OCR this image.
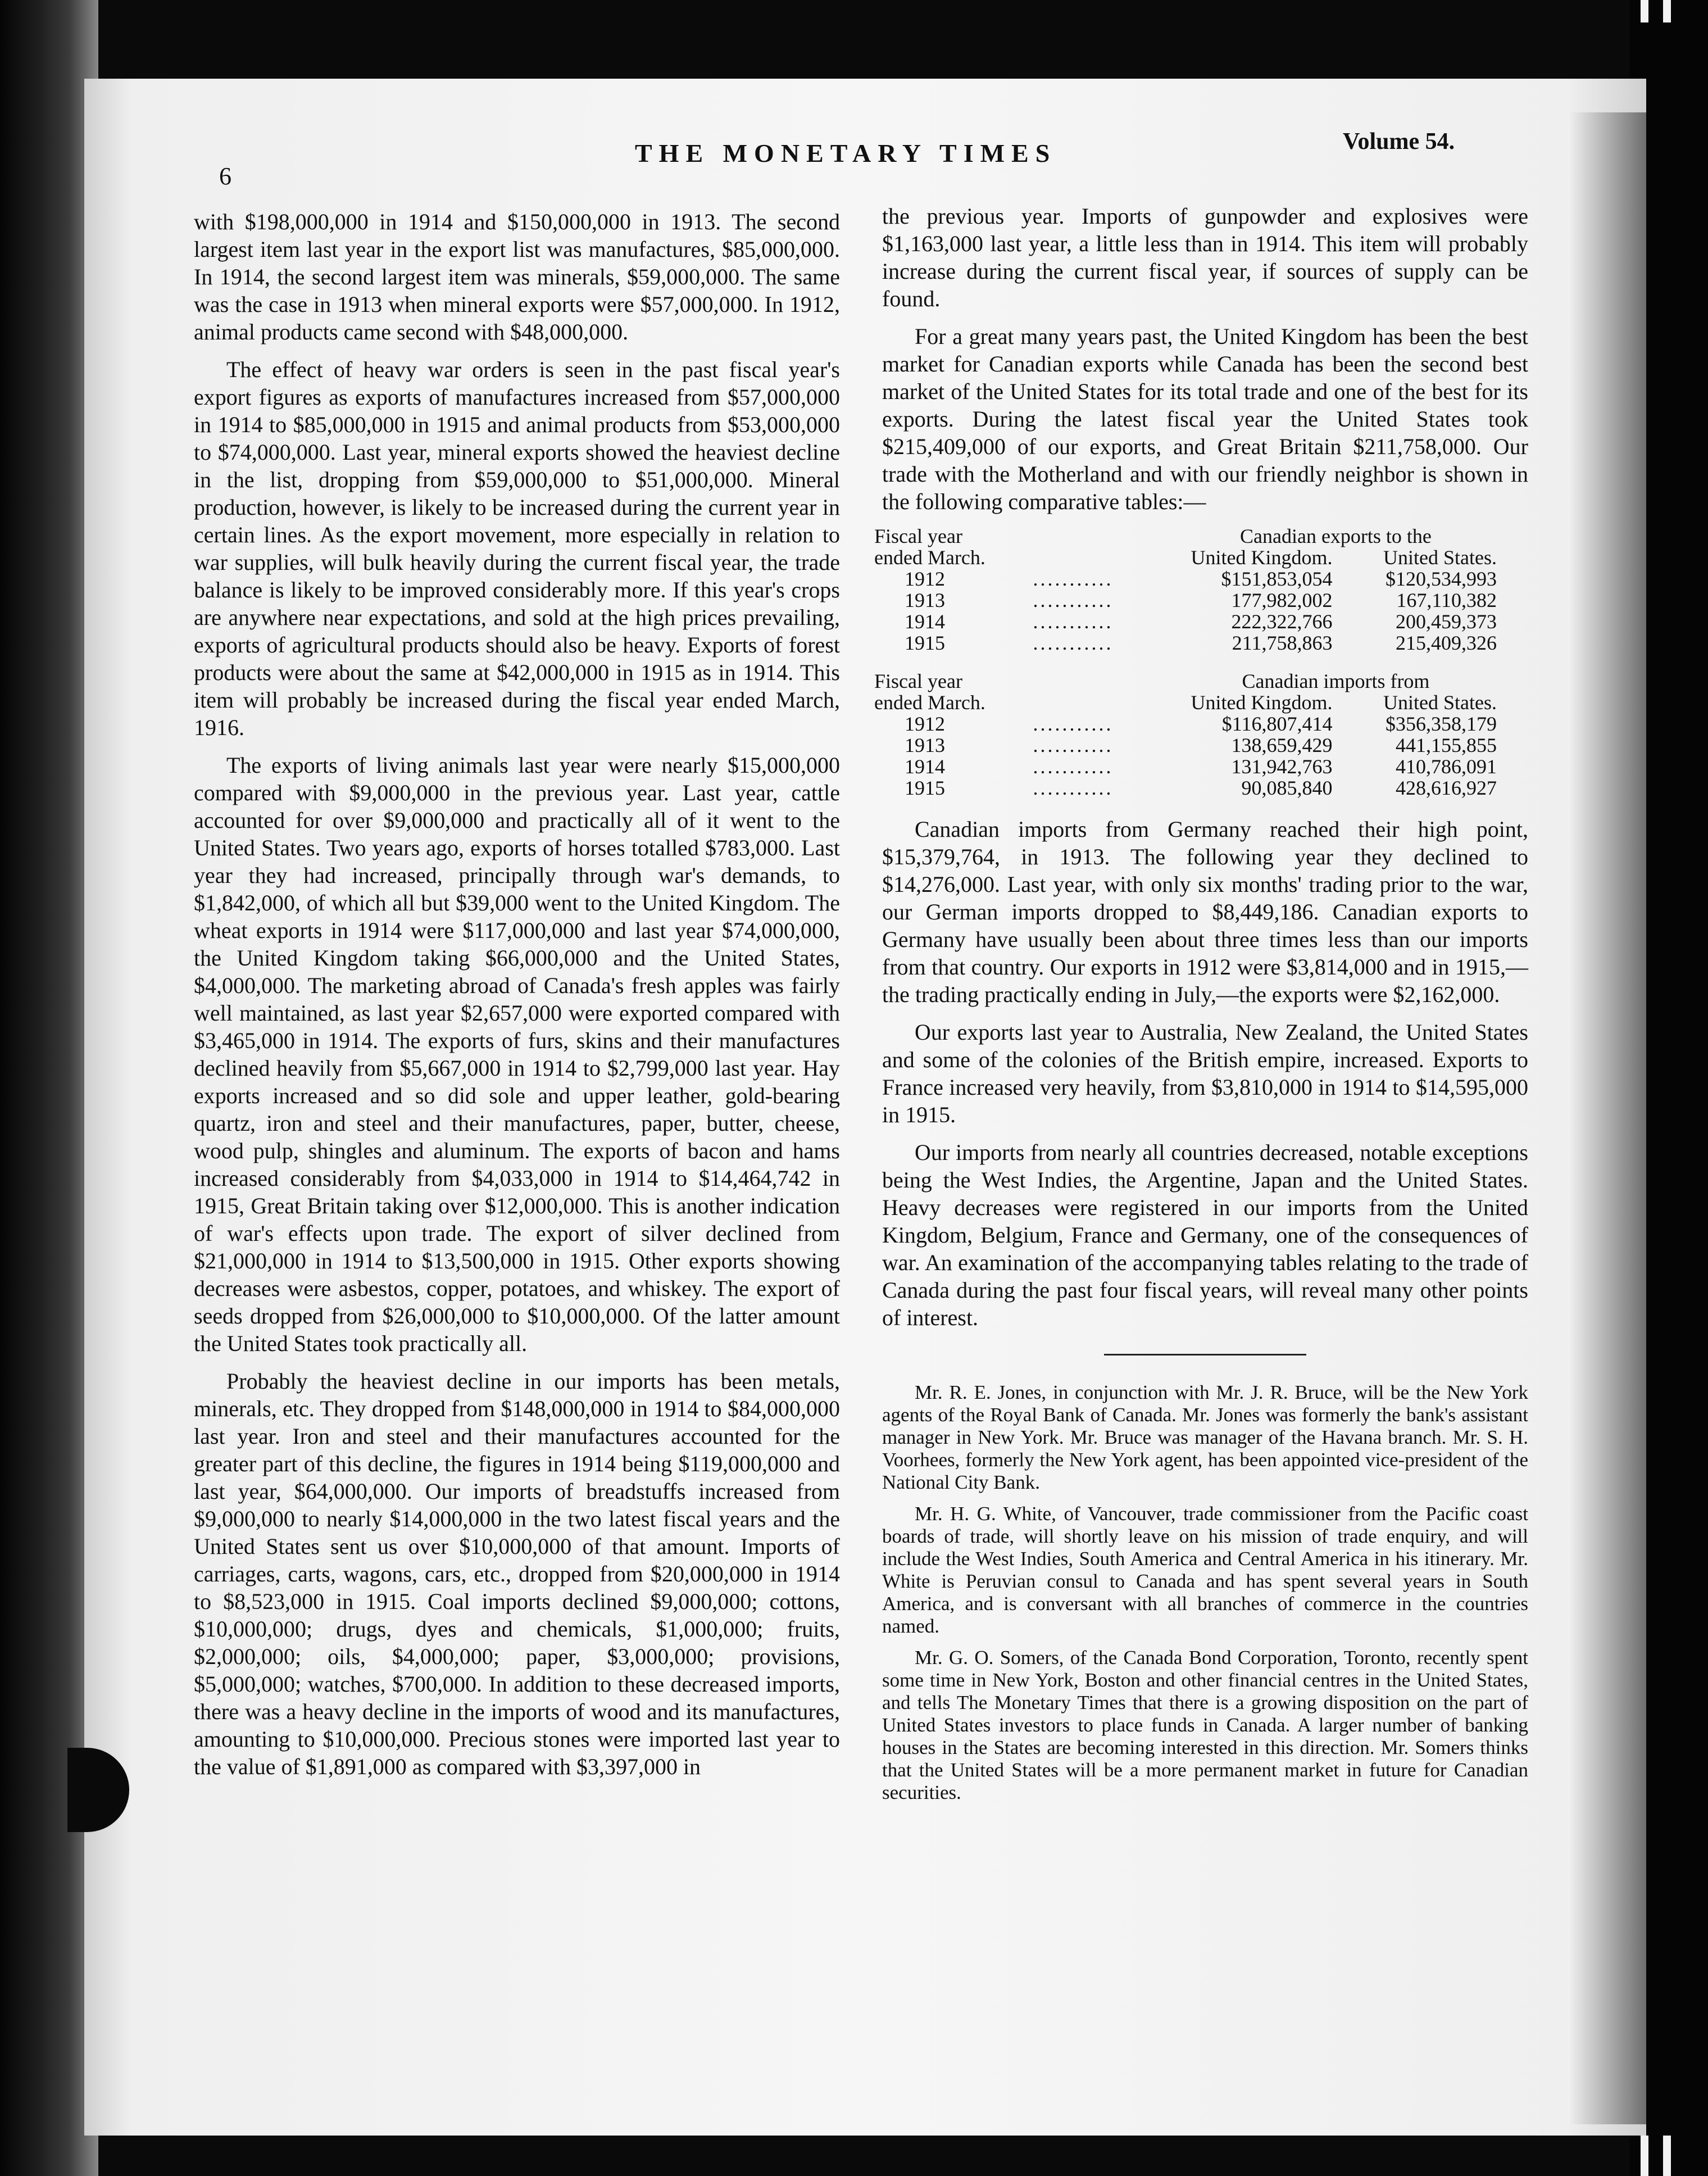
6
THE MONETARY TIMES	Volume 54.

with $198,000,000 in 1914 and $150,000,000 in 1913. The second largest item last year in the export list was manufactures, $85,000,000. In 1914, the second largest item was minerals, $59,000,000. The same was the case in 1913 when mineral exports were $57,000,000. In 1912, animal products came second with $48,000,000.

The effect of heavy war orders is seen in the past fiscal year's export figures as exports of manufactures increased from $57,000,000 in 1914 to $85,000,000 in 1915 and animal products from $53,000,000 to $74,000,000. Last year, mineral exports showed the heaviest decline in the list, dropping from $59,000,000 to $51,000,000. Mineral production, however, is likely to be increased during the current year in certain lines. As the export movement, more especially in relation to war supplies, will bulk heavily during the current fiscal year, the trade balance is likely to be improved considerably more. If this year's crops are anywhere near expectations, and sold at the high prices prevailing, exports of agricultural products should also be heavy. Exports of forest products were about the same at $42,000,000 in 1915 as in 1914. This item will probably be increased during the fiscal year ended March, 1916.

The exports of living animals last year were nearly $15,000,000 compared with $9,000,000 in the previous year. Last year, cattle accounted for over $9,000,000 and practically all of it went to the United States. Two years ago, exports of horses totalled $783,000. Last year they had increased, principally through war's demands, to $1,842,000, of which all but $39,000 went to the United Kingdom. The wheat exports in 1914 were $117,000,000 and last year $74,000,000, the United Kingdom taking $66,000,000 and the United States, $4,000,000. The marketing abroad of Canada's fresh apples was fairly well maintained, as last year $2,657,000 were exported compared with $3,465,000 in 1914. The exports of furs, skins and their manufactures declined heavily from $5,667,000 in 1914 to $2,799,000 last year. Hay exports increased and so did sole and upper leather, gold-bearing quartz, iron and steel and their manufactures, paper, butter, cheese, wood pulp, shingles and aluminum. The exports of bacon and hams increased considerably from $4,033,000 in 1914 to $14,464,742 in 1915, Great Britain taking over $12,000,000. This is another indication of war's effects upon trade. The export of silver declined from $21,000,000 in 1914 to $13,500,000 in 1915. Other exports showing decreases were asbestos, copper, potatoes, and whiskey. The export of seeds dropped from $26,000,000 to $10,000,000. Of the latter amount the United States took practically all.

Probably the heaviest decline in our imports has been metals, minerals, etc. They dropped from $148,000,000 in 1914 to $84,000,000 last year. Iron and steel and their manufactures accounted for the greater part of this decline, the figures in 1914 being $119,000,000 and last year, $64,000,000. Our imports of breadstuffs increased from $9,000,000 to nearly $14,000,000 in the two latest fiscal years and the United States sent us over $10,000,000 of that amount. Imports of carriages, carts, wagons, cars, etc., dropped from $20,000,000 in 1914 to $8,523,000 in 1915. Coal imports declined $9,000,000; cottons, $10,000,000; drugs, dyes and chemicals, $1,000,000; fruits, $2,000,000; oils, $4,000,000; paper, $3,000,000; provisions, $5,000,000; watches, $700,000. In addition to these decreased imports, there was a heavy decline in the imports of wood and its manufactures, amounting to $10,000,000. Precious stones were imported last year to the value of $1,891,000 as compared with $3,397,000 in

the previous year. Imports of gunpowder and explosives were $1,163,000 last year, a little less than in 1914. This item will probably increase during the current fiscal year, if sources of supply can be found.

For a great many years past, the United Kingdom has been the best market for Canadian exports while Canada has been the second best market of the United States for its total trade and one of the best for its exports. During the latest fiscal year the United States took $215,409,000 of our exports, and Great Britain $211,758,000. Our trade with the Motherland and with our friendly neighbor is shown in the following comparative tables:—

Fiscal year		Canadian exports to the	
ended March.		United Kingdom.	United States.
1912	...........	$151,853,054	$120,534,993
1913	...........	177,982,002	167,110,382
1914	...........	222,322,766	200,459,373
1915	...........	211,758,863	215,409,326
Fiscal year		Canadian imports from	
ended March.		United Kingdom.	United States.
1912	...........	$116,807,414	$356,358,179
1913	...........	138,659,429	441,155,855
1914	...........	131,942,763	410,786,091
1915	...........	90,085,840	428,616,927

Canadian imports from Germany reached their high point, $15,379,764, in 1913. The following year they declined to $14,276,000. Last year, with only six months' trading prior to the war, our German imports dropped to $8,449,186. Canadian exports to Germany have usually been about three times less than our imports from that country. Our exports in 1912 were $3,814,000 and in 1915,—the trading practically ending in July,—the exports were $2,162,000.

Our exports last year to Australia, New Zealand, the United States and some of the colonies of the British empire, increased. Exports to France increased very heavily, from $3,810,000 in 1914 to $14,595,000 in 1915.

Our imports from nearly all countries decreased, notable exceptions being the West Indies, the Argentine, Japan and the United States. Heavy decreases were registered in our imports from the United Kingdom, Belgium, France and Germany, one of the consequences of war. An examination of the accompanying tables relating to the trade of Canada during the past four fiscal years, will reveal many other points of interest.

Mr. R. E. Jones, in conjunction with Mr. J. R. Bruce, will be the New York agents of the Royal Bank of Canada. Mr. Jones was formerly the bank's assistant manager in New York. Mr. Bruce was manager of the Havana branch. Mr. S. H. Voorhees, formerly the New York agent, has been appointed vice-president of the National City Bank.

Mr. H. G. White, of Vancouver, trade commissioner from the Pacific coast boards of trade, will shortly leave on his mission of trade enquiry, and will include the West Indies, South America and Central America in his itinerary. Mr. White is Peruvian consul to Canada and has spent several years in South America, and is conversant with all branches of commerce in the countries named.

Mr. G. O. Somers, of the Canada Bond Corporation, Toronto, recently spent some time in New York, Boston and other financial centres in the United States, and tells The Monetary Times that there is a growing disposition on the part of United States investors to place funds in Canada. A larger number of banking houses in the States are becoming interested in this direction. Mr. Somers thinks that the United States will be a more permanent market in future for Canadian securities.
